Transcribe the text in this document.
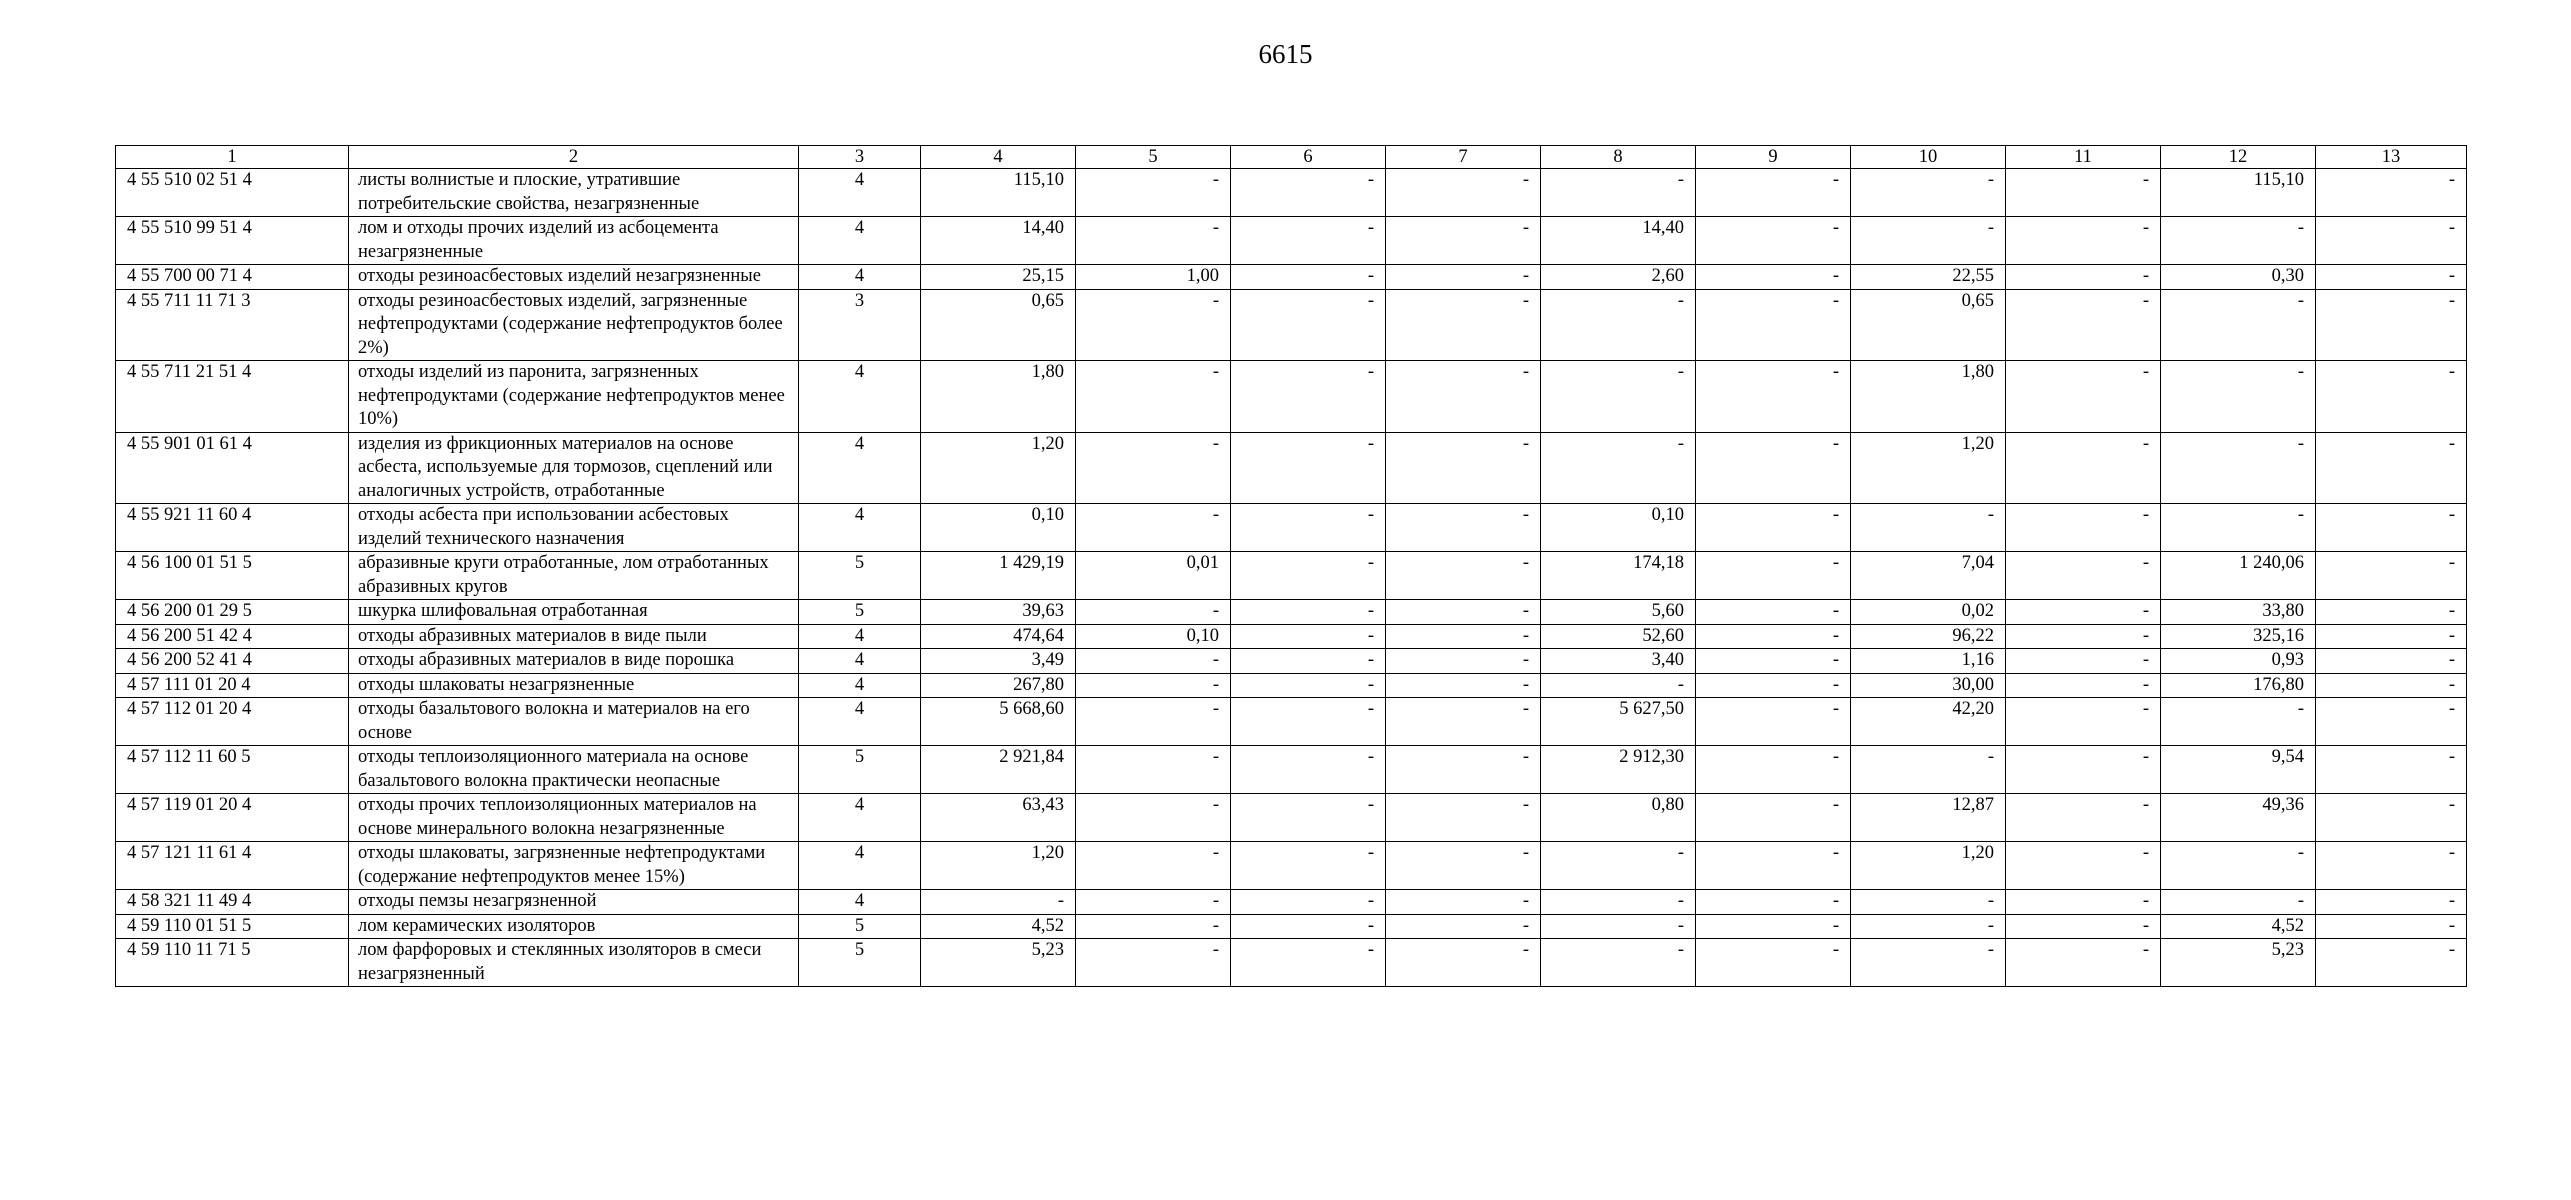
6615
1	2	3	4	5	6	7	8	9	10	11	12	13
4 55 510 02 51 4	листы волнистые и плоские, утратившие потребительские свойства, незагрязненные	4	115,10	-	-	-	-	-	-	-	115,10	-
4 55 510 99 51 4	лом и отходы прочих изделий из асбоцемента незагрязненные	4	14,40	-	-	-	14,40	-	-	-	-	-
4 55 700 00 71 4	отходы резиноасбестовых изделий незагрязненные	4	25,15	1,00	-	-	2,60	-	22,55	-	0,30	-
4 55 711 11 71 3	отходы резиноасбестовых изделий, загрязненные нефтепродуктами (содержание нефтепродуктов более 2%)	3	0,65	-	-	-	-	-	0,65	-	-	-
4 55 711 21 51 4	отходы изделий из паронита, загрязненных нефтепродуктами (содержание нефтепродуктов менее 10%)	4	1,80	-	-	-	-	-	1,80	-	-	-
4 55 901 01 61 4	изделия из фрикционных материалов на основе асбеста, используемые для тормозов, сцеплений или аналогичных устройств, отработанные	4	1,20	-	-	-	-	-	1,20	-	-	-
4 55 921 11 60 4	отходы асбеста при использовании асбестовых изделий технического назначения	4	0,10	-	-	-	0,10	-	-	-	-	-
4 56 100 01 51 5	абразивные круги отработанные, лом отработанных абразивных кругов	5	1 429,19	0,01	-	-	174,18	-	7,04	-	1 240,06	-
4 56 200 01 29 5	шкурка шлифовальная отработанная	5	39,63	-	-	-	5,60	-	0,02	-	33,80	-
4 56 200 51 42 4	отходы абразивных материалов в виде пыли	4	474,64	0,10	-	-	52,60	-	96,22	-	325,16	-
4 56 200 52 41 4	отходы абразивных материалов в виде порошка	4	3,49	-	-	-	3,40	-	1,16	-	0,93	-
4 57 111 01 20 4	отходы шлаковаты незагрязненные	4	267,80	-	-	-	-	-	30,00	-	176,80	-
4 57 112 01 20 4	отходы базальтового волокна и материалов на его основе	4	5 668,60	-	-	-	5 627,50	-	42,20	-	-	-
4 57 112 11 60 5	отходы теплоизоляционного материала на основе базальтового волокна практически неопасные	5	2 921,84	-	-	-	2 912,30	-	-	-	9,54	-
4 57 119 01 20 4	отходы прочих теплоизоляционных материалов на основе минерального волокна незагрязненные	4	63,43	-	-	-	0,80	-	12,87	-	49,36	-
4 57 121 11 61 4	отходы шлаковаты, загрязненные нефтепродуктами (содержание нефтепродуктов менее 15%)	4	1,20	-	-	-	-	-	1,20	-	-	-
4 58 321 11 49 4	отходы пемзы незагрязненной	4	-	-	-	-	-	-	-	-	-	-
4 59 110 01 51 5	лом керамических изоляторов	5	4,52	-	-	-	-	-	-	-	4,52	-
4 59 110 11 71 5	лом фарфоровых и стеклянных изоляторов в смеси незагрязненный	5	5,23	-	-	-	-	-	-	-	5,23	-
